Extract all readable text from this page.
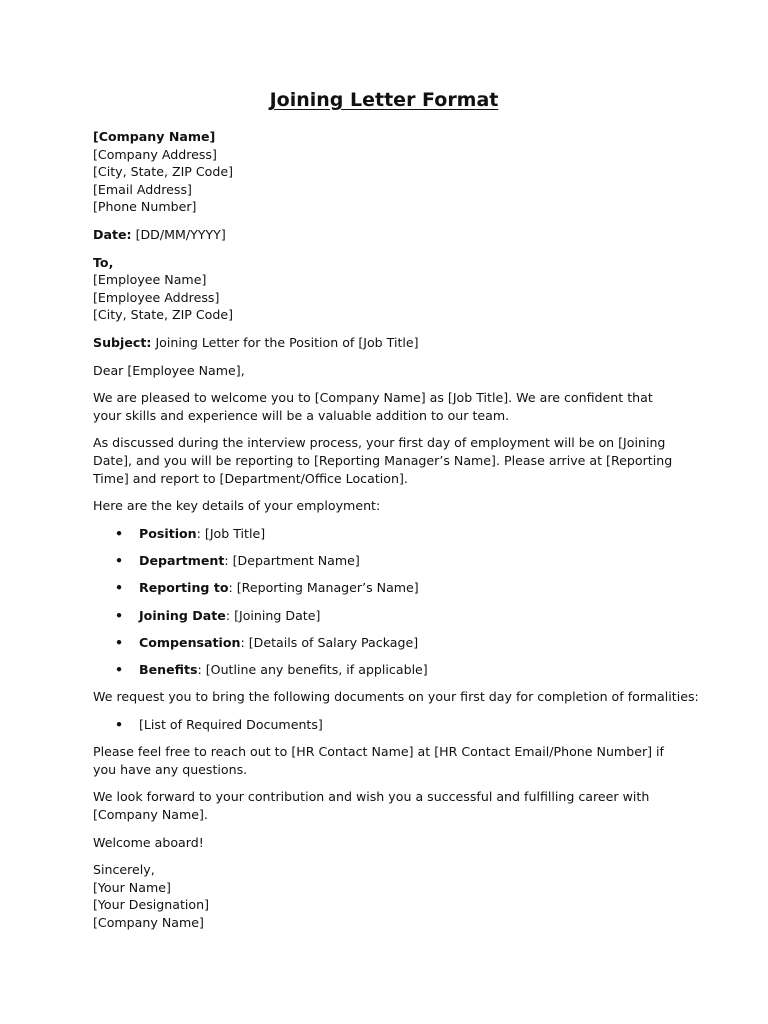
Joining Letter Format
[Company Name]
[Company Address]
[City, State, ZIP Code]
[Email Address]
[Phone Number]

Date: [DD/MM/YYYY]

To,
[Employee Name]
[Employee Address]
[City, State, ZIP Code]

Subject: Joining Letter for the Position of [Job Title]

Dear [Employee Name],

We are pleased to welcome you to [Company Name] as [Job Title]. We are confident that your skills and experience will be a valuable addition to our team.

As discussed during the interview process, your first day of employment will be on [Joining Date], and you will be reporting to [Reporting Manager’s Name]. Please arrive at [Reporting Time] and report to [Department/Office Location].

Here are the key details of your employment:

• Position: [Job Title]
• Department: [Department Name]
• Reporting to: [Reporting Manager’s Name]
• Joining Date: [Joining Date]
• Compensation: [Details of Salary Package]
• Benefits: [Outline any benefits, if applicable]

We request you to bring the following documents on your first day for completion of formalities:

• [List of Required Documents]

Please feel free to reach out to [HR Contact Name] at [HR Contact Email/Phone Number] if you have any questions.

We look forward to your contribution and wish you a successful and fulfilling career with [Company Name].

Welcome aboard!

Sincerely,
[Your Name]
[Your Designation]
[Company Name]
